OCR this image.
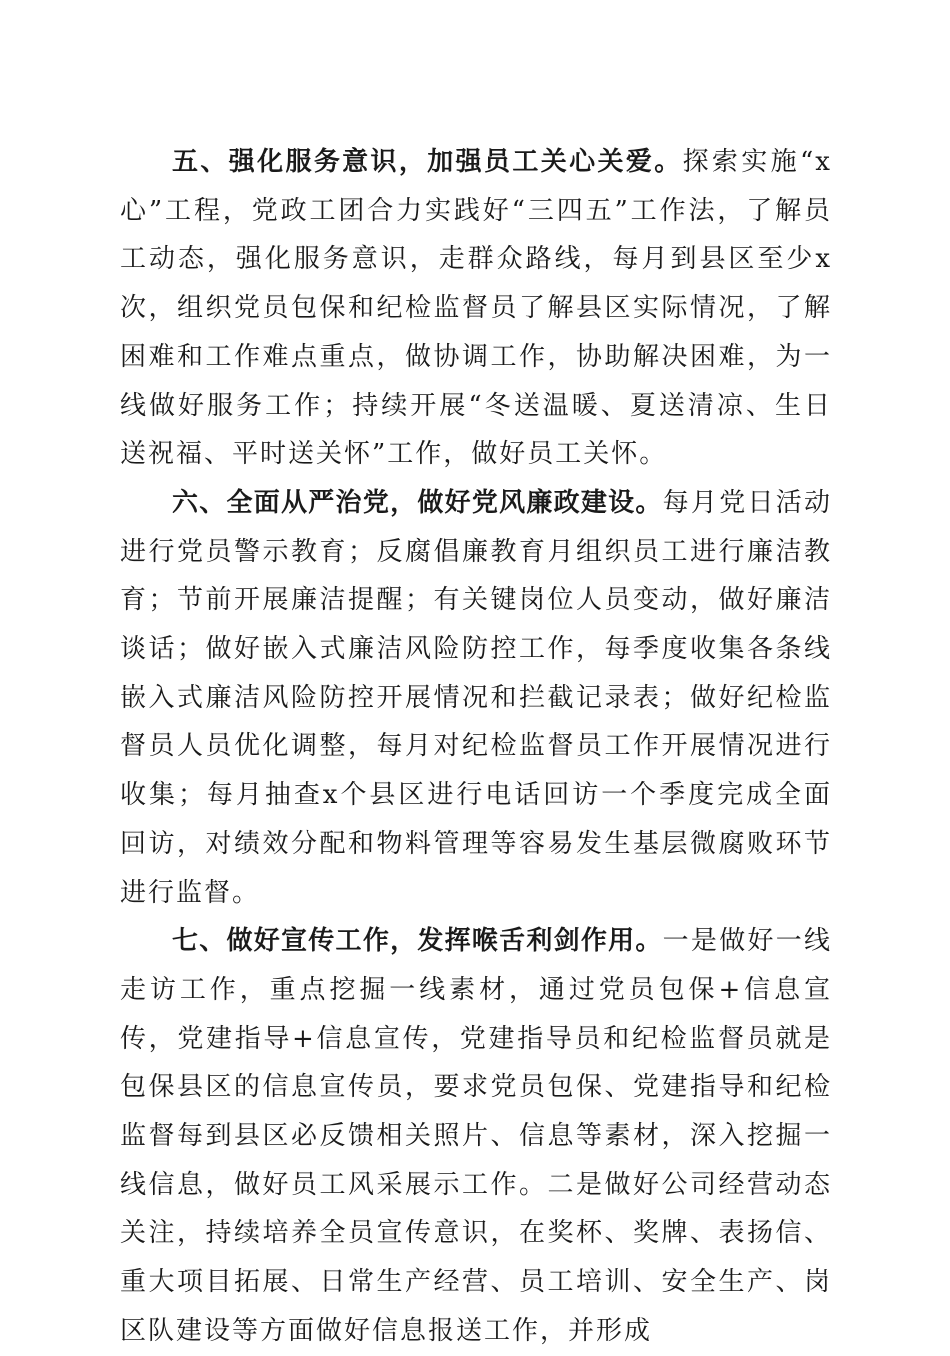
五、强化服务意识，加强员工关心关爱。探索实施“x心”工程，党政工团合力实践好“三四五”工作法，了解员工动态，强化服务意识，走群众路线，每月到县区至少x次，组织党员包保和纪检监督员了解县区实际情况，了解困难和工作难点重点，做协调工作，协助解决困难，为一线做好服务工作；持续开展“冬送温暖、夏送清凉、生日送祝福、平时送关怀”工作，做好员工关怀。

六、全面从严治党，做好党风廉政建设。每月党日活动进行党员警示教育；反腐倡廉教育月组织员工进行廉洁教育；节前开展廉洁提醒；有关键岗位人员变动，做好廉洁谈话；做好嵌入式廉洁风险防控工作，每季度收集各条线嵌入式廉洁风险防控开展情况和拦截记录表；做好纪检监督员人员优化调整，每月对纪检监督员工作开展情况进行收集；每月抽查x个县区进行电话回访一个季度完成全面回访，对绩效分配和物料管理等容易发生基层微腐败环节进行监督。

七、做好宣传工作，发挥喉舌利剑作用。一是做好一线走访工作，重点挖掘一线素材，通过党员包保+信息宣传，党建指导+信息宣传，党建指导员和纪检监督员就是包保县区的信息宣传员，要求党员包保、党建指导和纪检监督每到县区必反馈相关照片、信息等素材，深入挖掘一线信息，做好员工风采展示工作。二是做好公司经营动态关注，持续培养全员宣传意识，在奖杯、奖牌、表扬信、重大项目拓展、日常生产经营、员工培训、安全生产、岗区队建设等方面做好信息报送工作，并形成
